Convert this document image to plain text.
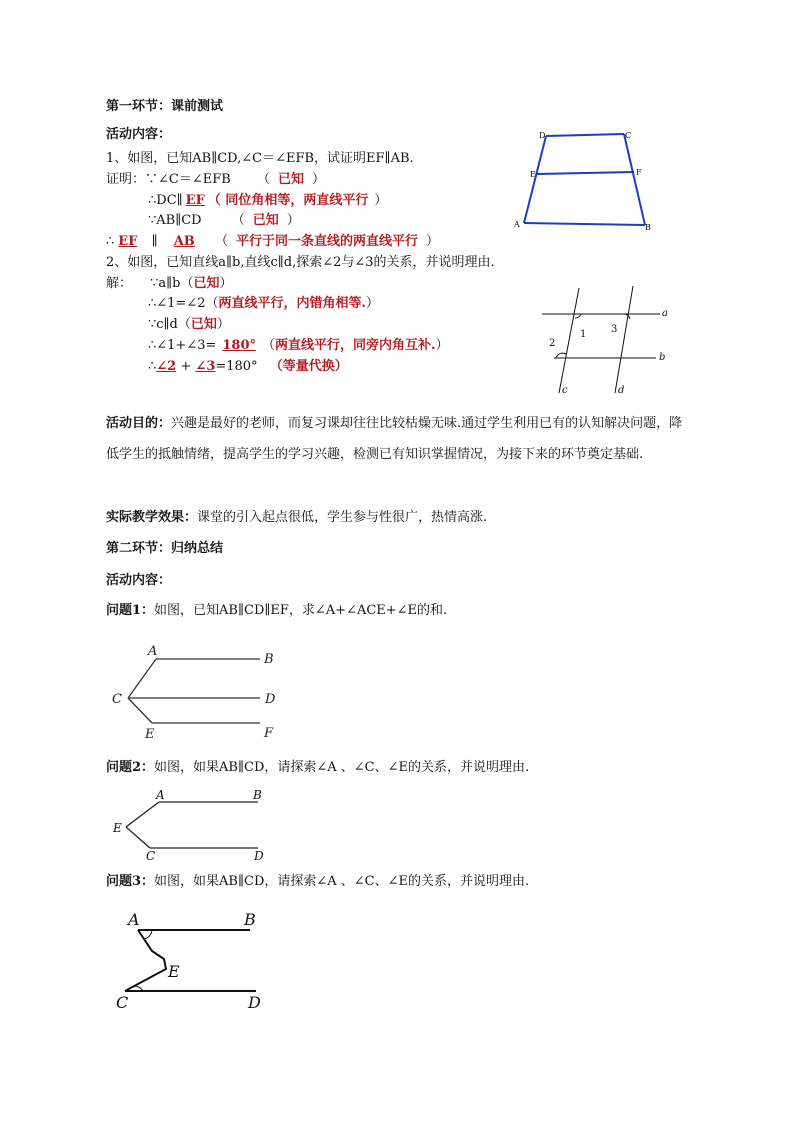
第一环节：课前测试
活动内容：
1、如图，已知AB∥CD,∠C＝∠EFB，试证明EF∥AB.
证明：∵∠C＝∠EFB （ 已知 ）
∴DC∥ EF （ 同位角相等，两直线平行 ）
∵AB∥CD （ 已知 ）
∴ EF ∥ AB （ 平行于同一条直线的两直线平行 ）
2、如图，已知直线a∥b,直线c∥d,探索∠2与∠3的关系，并说明理由.
解： ∵a∥b（已知）
∴∠1=∠2（两直线平行，内错角相等.）
∵c∥d（已知）
∴∠1+∠3= 180° （两直线平行，同旁内角互补.）
∴∠2 + ∠3=180° （等量代换）
活动目的：兴趣是最好的老师，而复习课却往往比较枯燥无味.通过学生利用已有的认知解决问题，降低学生的抵触情绪，提高学生的学习兴趣，检测已有知识掌握情况，为接下来的环节奠定基础.
实际教学效果：课堂的引入起点很低，学生参与性很广，热情高涨.
第二环节：归纳总结
活动内容：
问题1：如图，已知AB∥CD∥EF，求∠A+∠ACE+∠E的和.
问题2：如图，如果AB∥CD，请探索∠A 、∠C、∠E的关系，并说明理由.
问题3：如图，如果AB∥CD，请探索∠A 、∠C、∠E的关系，并说明理由.
D	C
E	F
A	B
a
b
c	d
1
2
3
A
B
C	D
E	F
A	B
E
C	D
A	B
E
C	D
